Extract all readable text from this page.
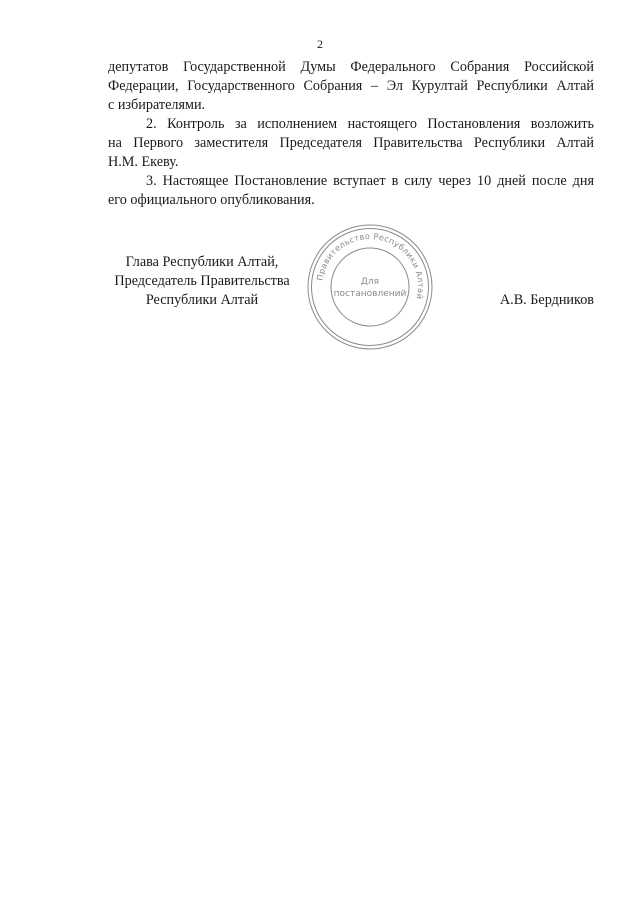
2

депутатов Государственной Думы Федерального Собрания Российской

Федерации, Государственного Собрания – Эл Курултай Республики Алтай

с избирателями.

2. Контроль за исполнением настоящего Постановления возложить

на Первого заместителя Председателя Правительства Республики Алтай

Н.М. Екеву.

3. Настоящее Постановление вступает в силу через 10 дней после дня

его официального опубликования.

Глава Республики Алтай,
Председатель Правительства
Республики Алтай
Правительство Республики Алтай
Для
постановлений	А.В. Бердников
